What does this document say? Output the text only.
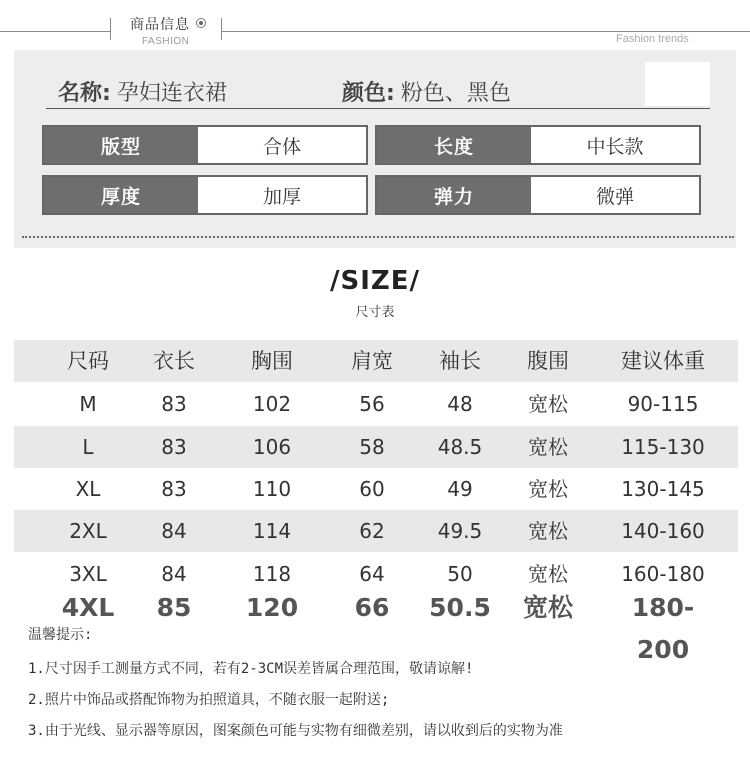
商品信息
FASHION	Fashion trends
名称: 孕妇连衣裙	颜色: 粉色、黑色
版型	合体	长度	中长款
厚度	加厚	弹力	微弹
/SIZE/
尺寸表
尺码	衣长	胸围	肩宽	袖长	腹围	建议体重
M	83	102	56	48	宽松	90-115
L	83	106	58	48.5	宽松	115-130
XL	83	110	60	49	宽松	130-145
2XL	84	114	62	49.5	宽松	140-160
3XL	84	118	64	50	宽松	160-180
4XL	85	120	66	50.5	宽松	180-200
温馨提示:
1.尺寸因手工测量方式不同，若有2-3CM误差皆属合理范围，敬请谅解!
2.照片中饰品或搭配饰物为拍照道具，不随衣服一起附送;
3.由于光线、显示器等原因，图案颜色可能与实物有细微差别，请以收到后的实物为准
